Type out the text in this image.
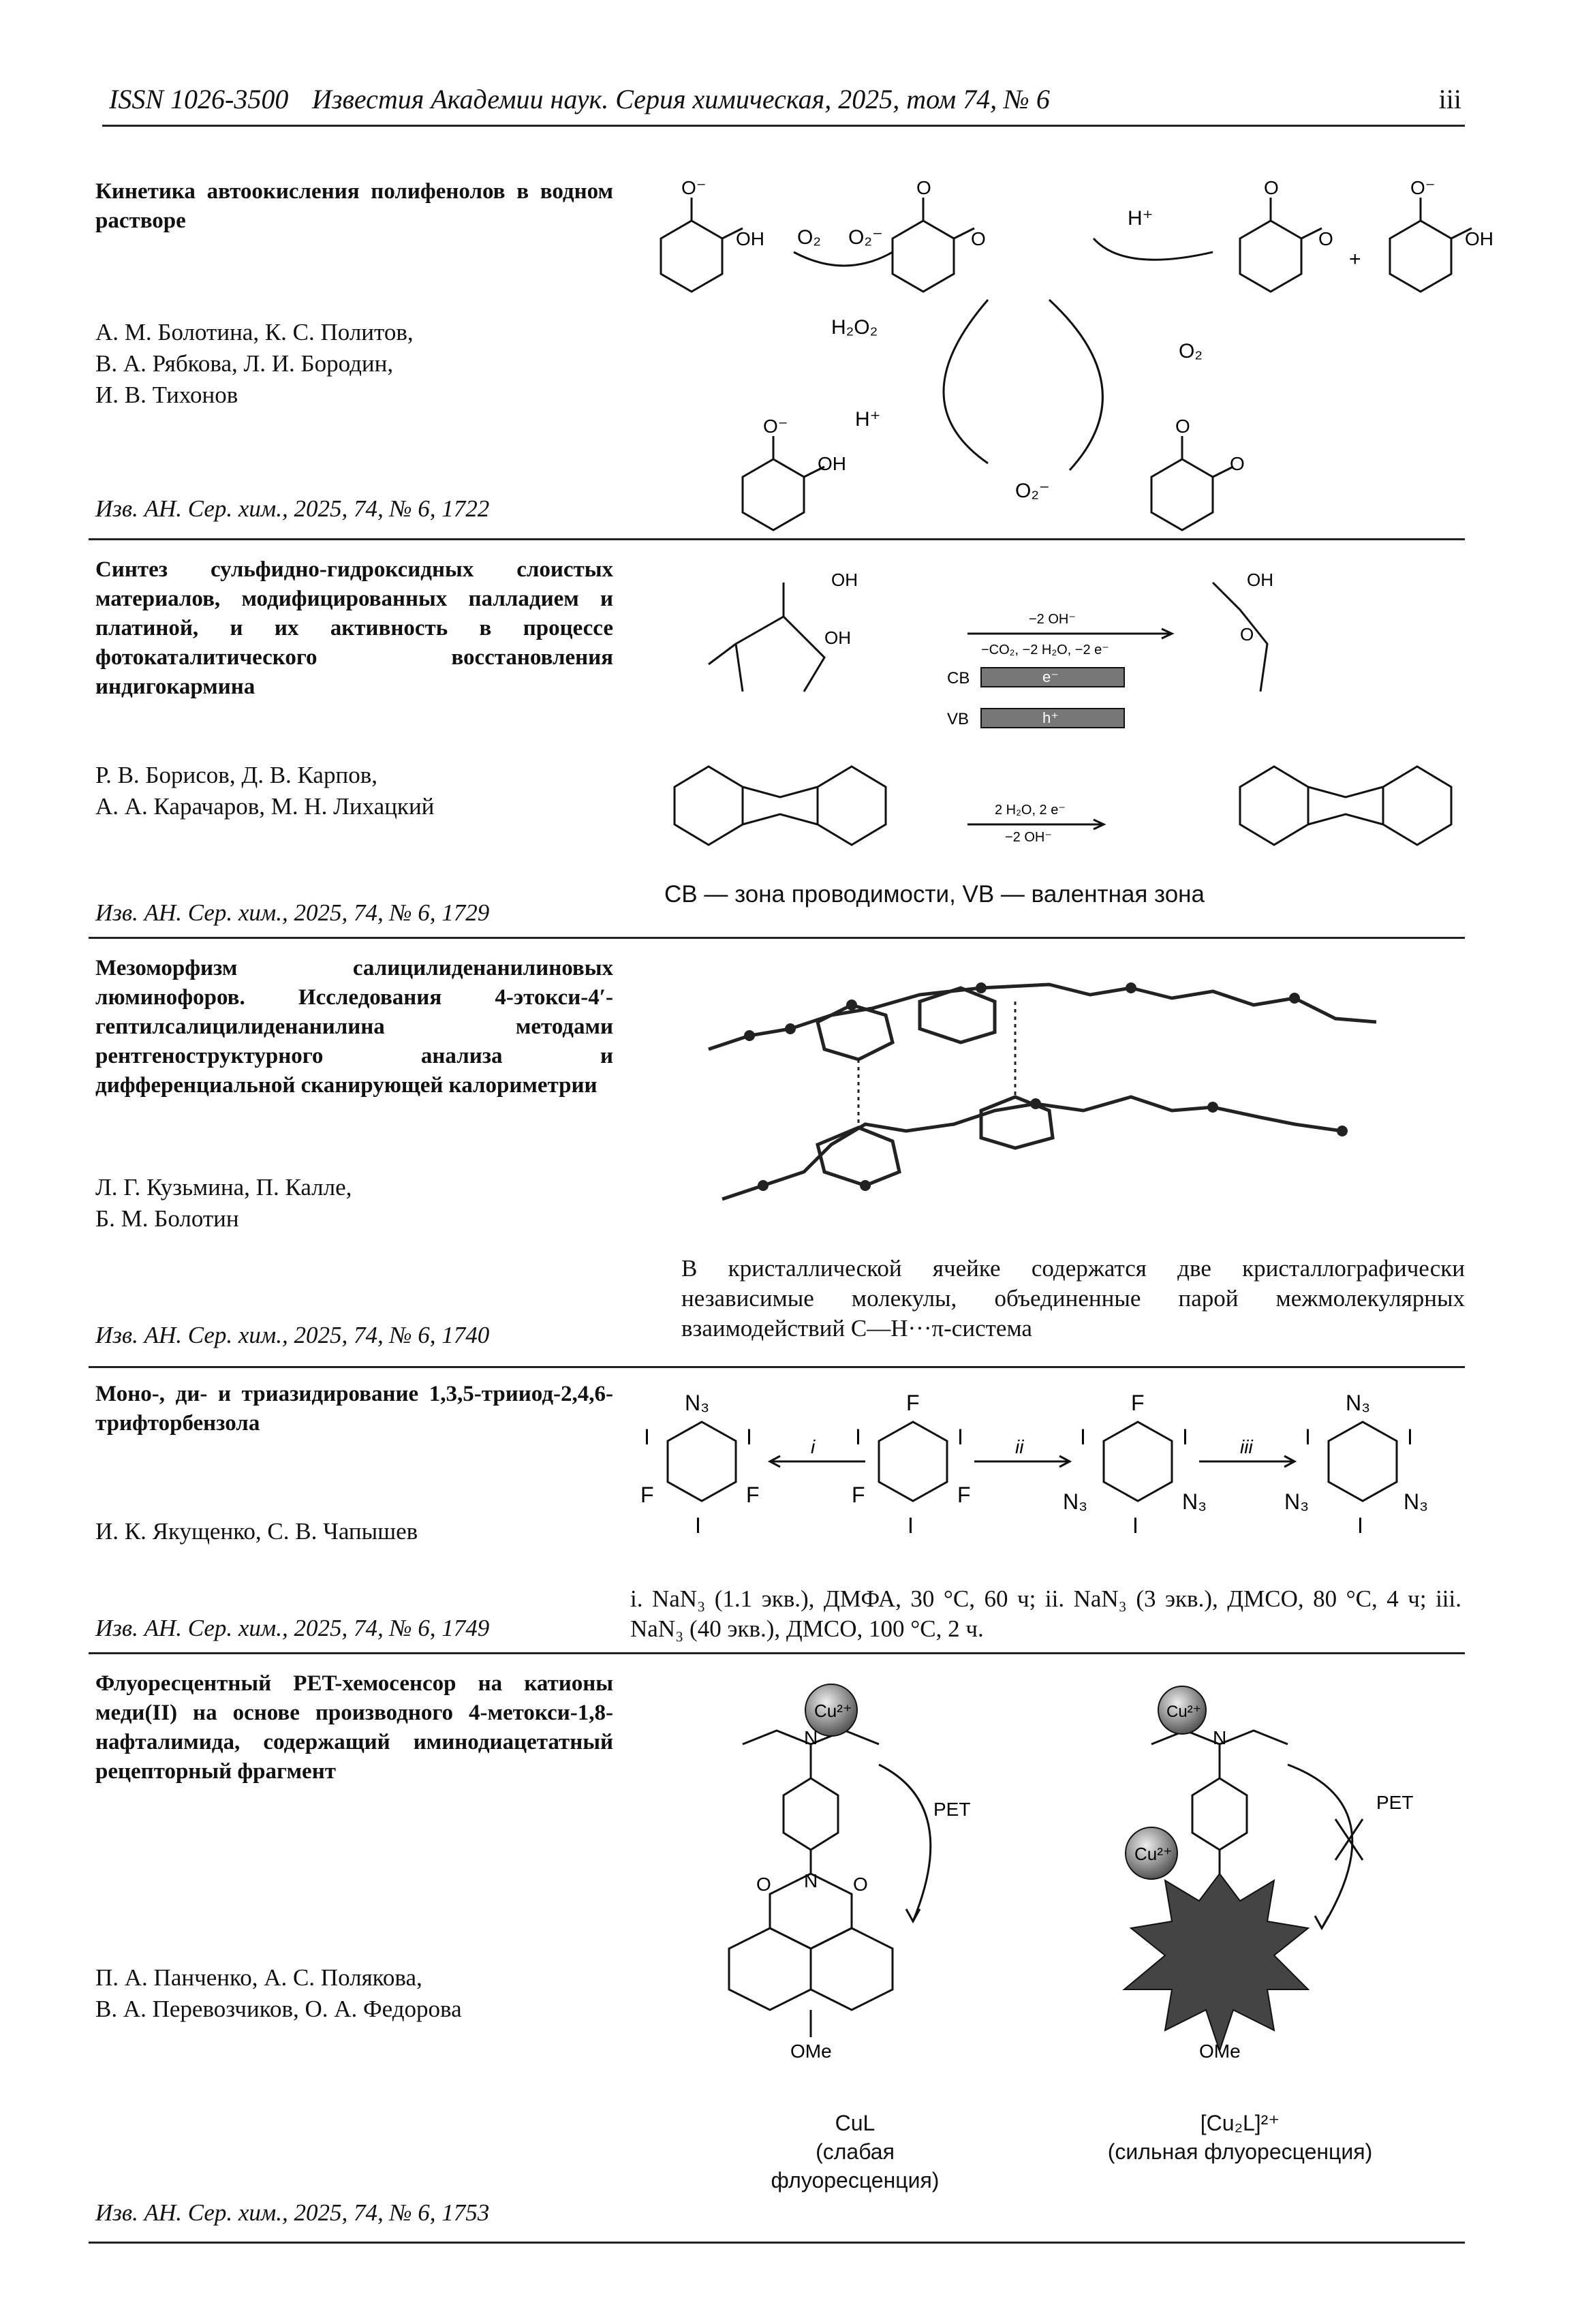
ISSN 1026-3500 Известия Академии наук. Серия химическая, 2025, том 74, № 6	iii
Кинетика автоокисления полифенолов в водном растворе
А. М. Болотина, К. С. Политов,
В. А. Рябкова, Л. И. Бородин,
И. В. Тихонов
Изв. АН. Сер. хим., 2025, 74, № 6, 1722
O⁻
OH O₂ O₂⁻
O
O
H⁺
O
O
+
O⁻
OH
H₂O₂
O₂
H⁺
O⁻
OH
O₂⁻
O
O
Синтез сульфидно-гидроксидных слоистых материалов, модифицированных палладием и платиной, и их активность в процессе фотокаталитического восстановления индигокармина
Р. В. Борисов, Д. В. Карпов,
А. А. Карачаров, М. Н. Лихацкий
Изв. АН. Сер. хим., 2025, 74, № 6, 1729
OH
OH
OH
O
−2 OH⁻
−CO₂, −2 H₂O, −2 e⁻
CB
VB
e⁻
h⁺
2 H₂O, 2 e⁻
−2 OH⁻
СВ — зона проводимости, VB — валентная зона
Мезоморфизм салицилиденанилиновых люминофоров. Исследования 4-этокси-4′-гептилсалицилиденанилина методами рентгеноструктурного анализа и дифференциальной сканирующей калориметрии
Л. Г. Кузьмина, П. Калле,
Б. М. Болотин
Изв. АН. Сер. хим., 2025, 74, № 6, 1740
В кристаллической ячейке содержатся две кристаллографически независимые молекулы, объединенные парой межмолекулярных взаимодействий С—Н···π-система
Моно-, ди- и триазидирование 1,3,5-трииод-2,4,6-трифторбензола
И. К. Якущенко, С. В. Чапышев
Изв. АН. Сер. хим., 2025, 74, № 6, 1749
N₃
I	I
F	F
I
i
F
I	I
F	F
I
ii
F
I	I
N₃	N₃
I
iii
N₃
I	I
N₃	N₃
I
i. NaN₃ (1.1 экв.), ДМФА, 30 °С, 60 ч; ii. NaN₃ (3 экв.), ДМСО, 80 °С, 4 ч; iii. NaN₃ (40 экв.), ДМСО, 100 °С, 2 ч.
Флуоресцентный PET-хемосенсор на катионы меди(II) на основе производного 4-метокси-1,8-нафталимида, содержащий иминодиацетатный рецепторный фрагмент
П. А. Панченко, А. С. Полякова,
В. А. Перевозчиков, О. А. Федорова
Изв. АН. Сер. хим., 2025, 74, № 6, 1753
Cu²⁺	Cu²⁺
Cu²⁺
N
N
O	O
N
PET	PET
OMe	OMe
CuL
(слабая флуоресценция)
[Cu₂L]²⁺
(сильная флуоресценция)
